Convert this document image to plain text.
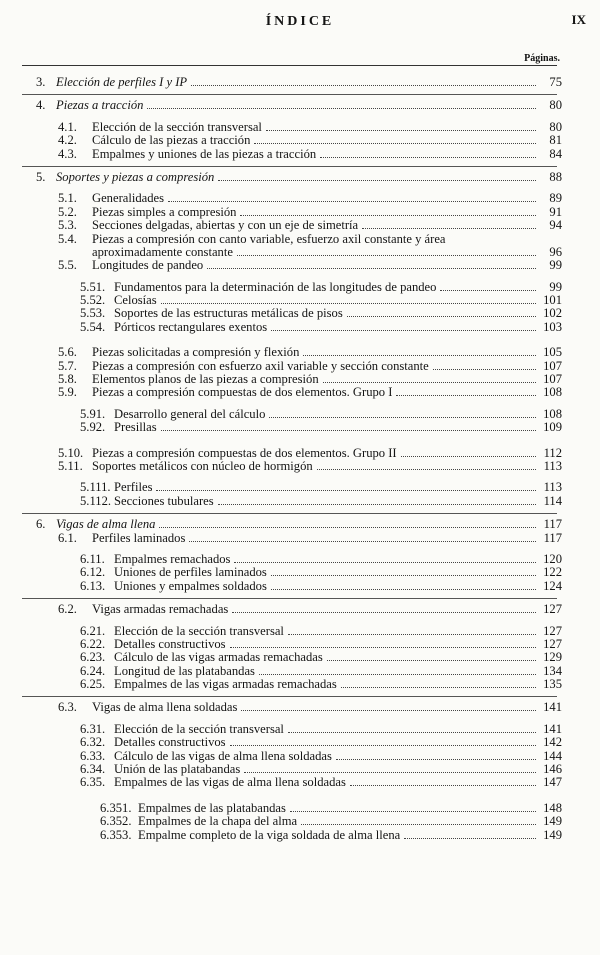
ÍNDICE	IX
Páginas.
3. Elección de perfiles I y IP	75
4. Piezas a tracción	80
4.1.	Elección de la sección transversal	80
4.2.	Cálculo de las piezas a tracción	81
4.3.	Empalmes y uniones de las piezas a tracción	84
5. Soportes y piezas a compresión	88
5.1.	Generalidades	89
5.2.	Piezas simples a compresión	91
5.3.	Secciones delgadas, abiertas y con un eje de simetría	94
5.4.	Piezas a compresión con canto variable, esfuerzo axil constante y área
aproximadamente constante	96
5.5.	Longitudes de pandeo	99
5.51. Fundamentos para la determinación de las longitudes de pandeo	99
5.52. Celosías	101
5.53. Soportes de las estructuras metálicas de pisos	102
5.54. Pórticos rectangulares exentos	103
5.6.	Piezas solicitadas a compresión y flexión	105
5.7.	Piezas a compresión con esfuerzo axil variable y sección constante	107
5.8.	Elementos planos de las piezas a compresión	107
5.9.	Piezas a compresión compuestas de dos elementos. Grupo I	108
5.91. Desarrollo general del cálculo	108
5.92. Presillas	109
5.10. Piezas a compresión compuestas de dos elementos. Grupo II	112
5.11. Soportes metálicos con núcleo de hormigón	113
5.111. Perfiles	113
5.112. Secciones tubulares	114
6. Vigas de alma llena	117
6.1.	Perfiles laminados	117
6.11. Empalmes remachados	120
6.12. Uniones de perfiles laminados	122
6.13. Uniones y empalmes soldados	124
6.2.	Vigas armadas remachadas	127
6.21. Elección de la sección transversal	127
6.22. Detalles constructivos	127
6.23. Cálculo de las vigas armadas remachadas	129
6.24. Longitud de las platabandas	134
6.25. Empalmes de las vigas armadas remachadas	135
6.3.	Vigas de alma llena soldadas	141
6.31. Elección de la sección transversal	141
6.32. Detalles constructivos	142
6.33. Cálculo de las vigas de alma llena soldadas	144
6.34. Unión de las platabandas	146
6.35. Empalmes de las vigas de alma llena soldadas	147
6.351. Empalmes de las platabandas	148
6.352. Empalmes de la chapa del alma	149
6.353. Empalme completo de la viga soldada de alma llena	149
